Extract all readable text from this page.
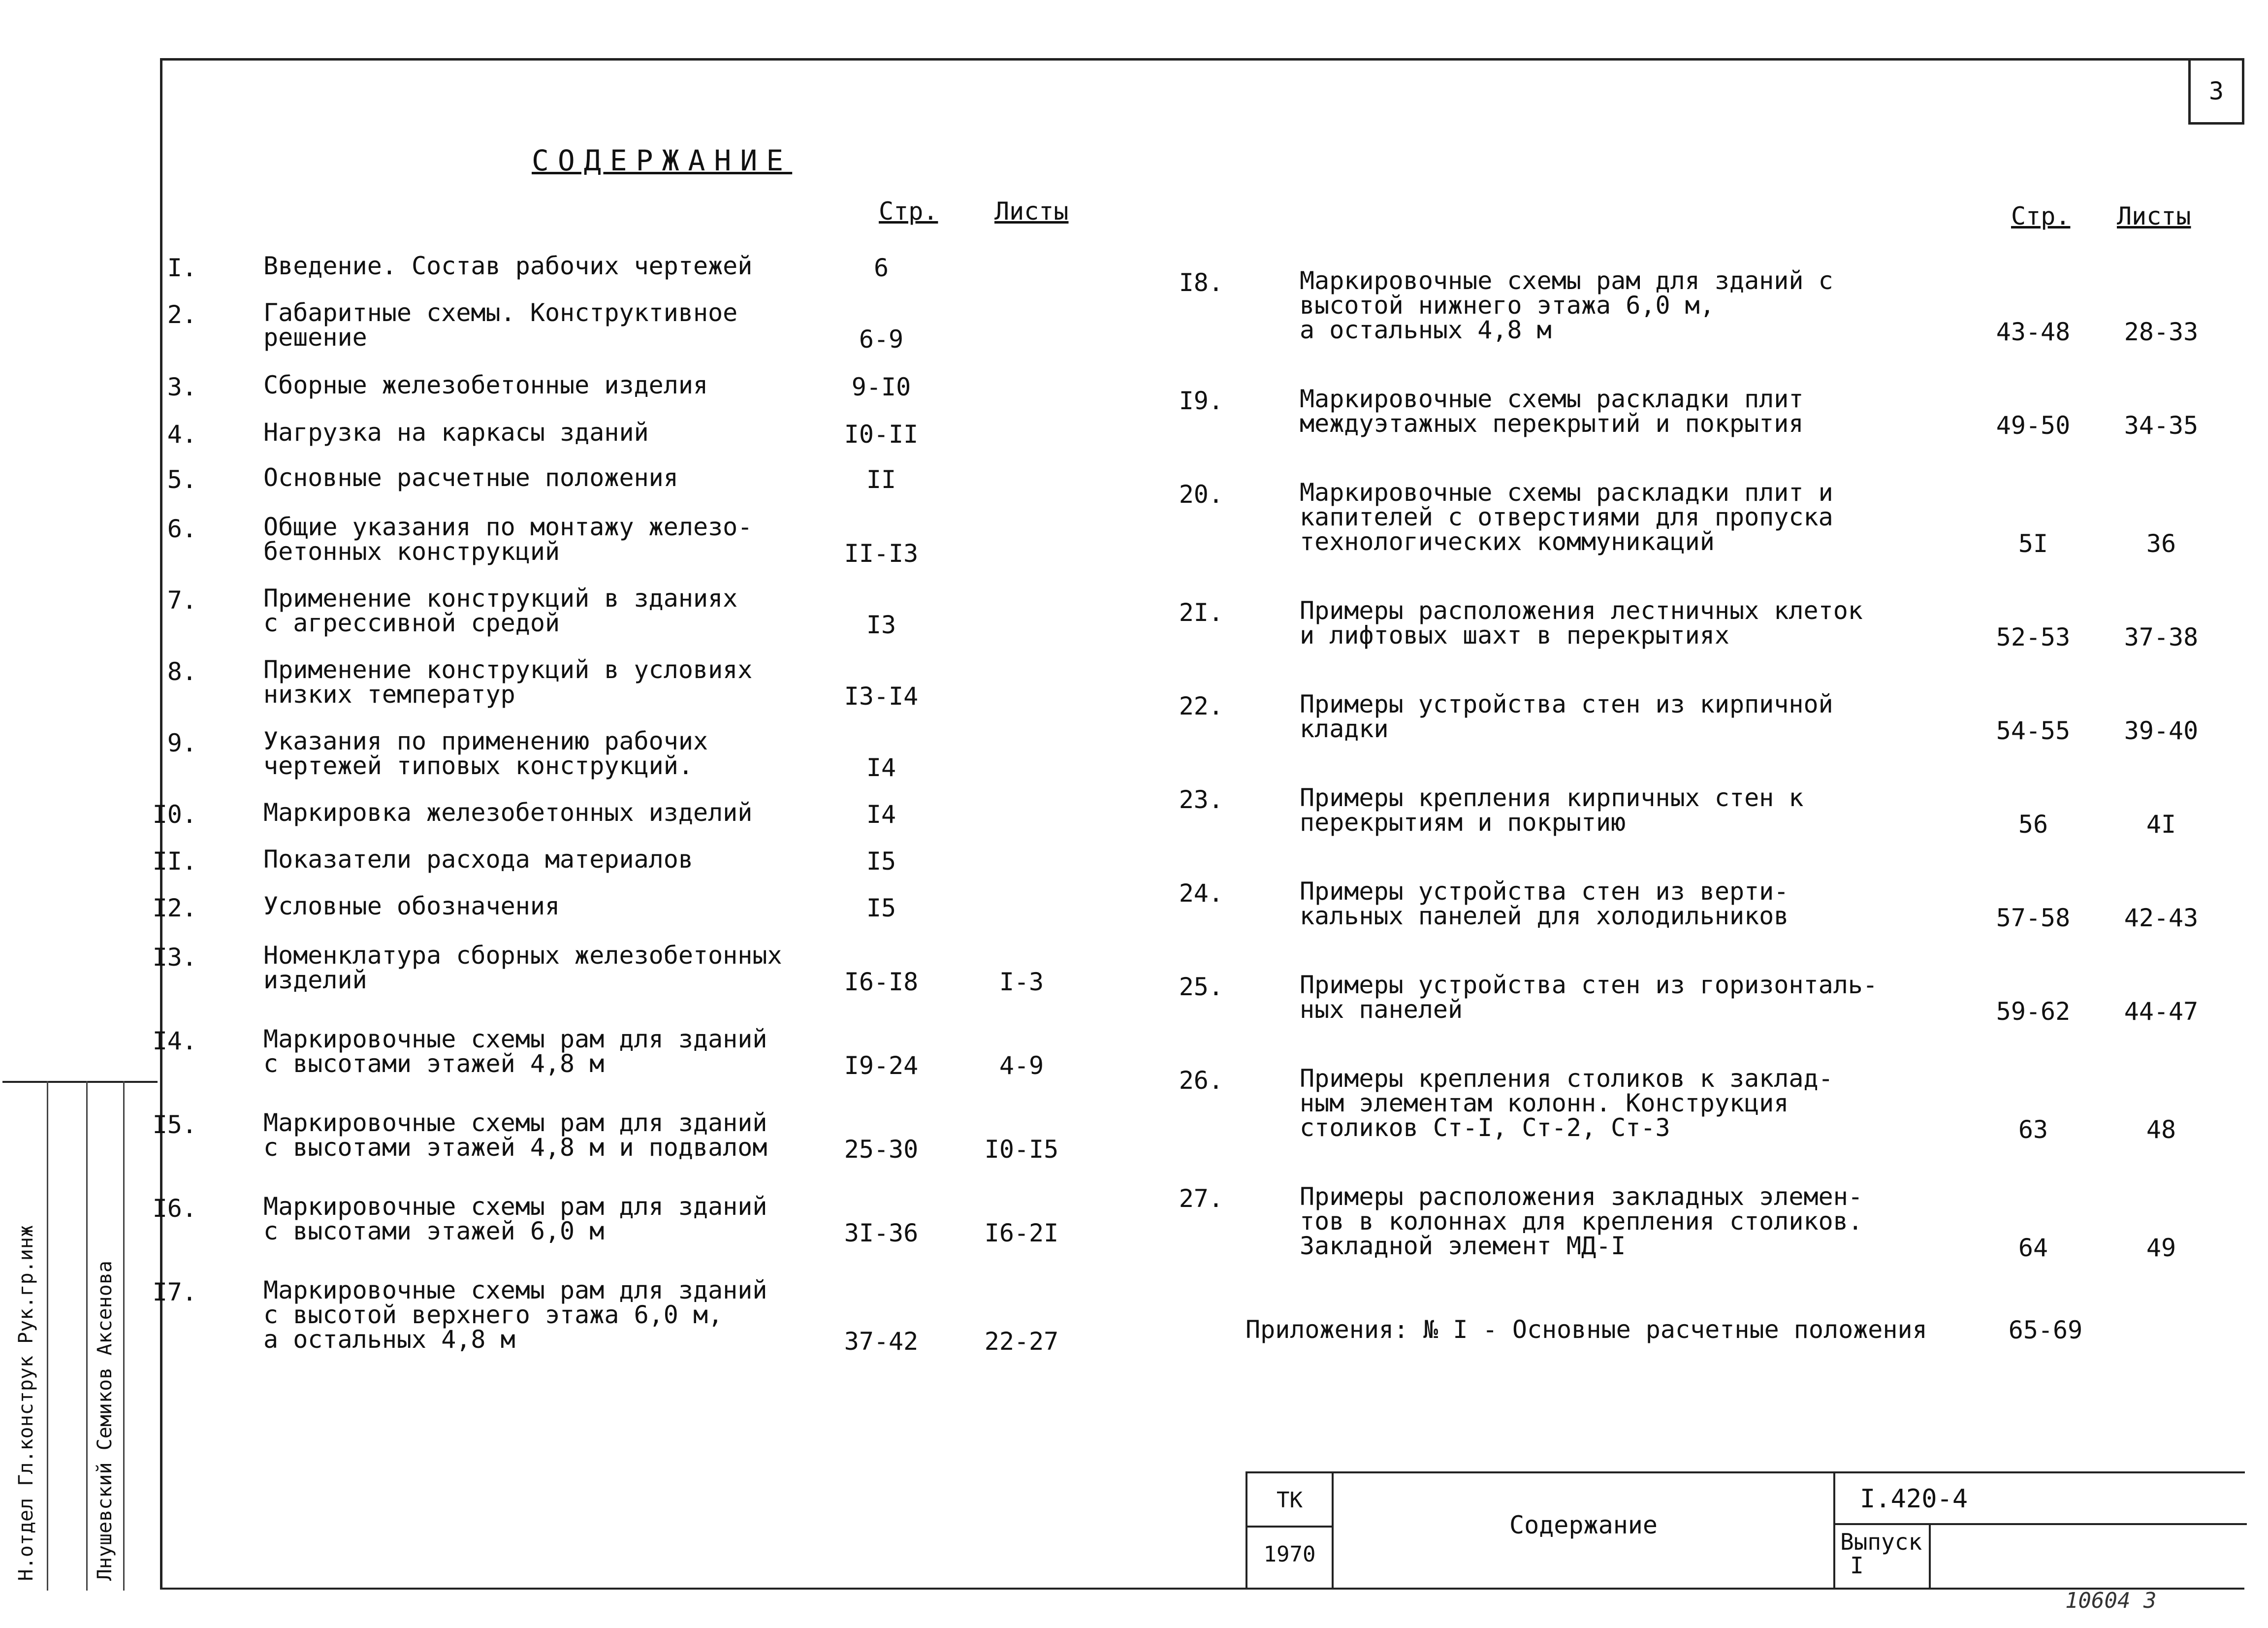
3
СОДЕРЖАНИЕ
Стр. Листы	Стр. Листы
I.	Введение. Состав рабочих чертежей	6
2.	Габаритные схемы. Конструктивное
решение	6-9
3.	Сборные железобетонные изделия	9-I0
4.	Нагрузка на каркасы зданий	I0-II
5.	Основные расчетные положения	II
6.	Общие указания по монтажу железо-
бетонных конструкций	II-I3
7.	Применение конструкций в зданиях
с агрессивной средой	I3
8.	Применение конструкций в условиях
низких температур	I3-I4
9.	Указания по применению рабочих
чертежей типовых конструкций.	I4
I0.	Маркировка железобетонных изделий	I4
II.	Показатели расхода материалов	I5
I2.	Условные обозначения	I5
I3.	Номенклатура сборных железобетонных
изделий	I6-I8	I-3
I4.	Маркировочные схемы рам для зданий
с высотами этажей 4,8 м	I9-24	4-9
I5.	Маркировочные схемы рам для зданий
с высотами этажей 4,8 м и подвалом	25-30	I0-I5
I6.	Маркировочные схемы рам для зданий
с высотами этажей 6,0 м	3I-36	I6-2I
I7.	Маркировочные схемы рам для зданий
с высотой верхнего этажа 6,0 м,
а остальных 4,8 м	37-42	22-27
I8.	Маркировочные схемы рам для зданий с
высотой нижнего этажа 6,0 м,
а остальных 4,8 м	43-48	28-33
I9.	Маркировочные схемы раскладки плит
междуэтажных перекрытий и покрытия	49-50	34-35
20.	Маркировочные схемы раскладки плит и
капителей с отверстиями для пропуска
технологических коммуникаций	5I	36
2I.	Примеры расположения лестничных клеток
и лифтовых шахт в перекрытиях	52-53	37-38
22.	Примеры устройства стен из кирпичной
кладки	54-55	39-40
23.	Примеры крепления кирпичных стен к
перекрытиям и покрытию	56	4I
24.	Примеры устройства стен из верти-
кальных панелей для холодильников	57-58	42-43
25.	Примеры устройства стен из горизонталь-
ных панелей	59-62	44-47
26.	Примеры крепления столиков к заклад-
ным элементам колонн. Конструкция
столиков Ст-I, Ст-2, Ст-3	63	48
27.	Примеры расположения закладных элемен-
тов в колоннах для крепления столиков.
Закладной элемент МД-I	64	49
Приложения: № I - Основные расчетные положения	65-69
ТК
1970
Содержание
I.420-4
Выпуск
I
10604 3
Н.отдел Гл.конструк Рук.гр.инж	Лнушевский Семиков Аксенова
